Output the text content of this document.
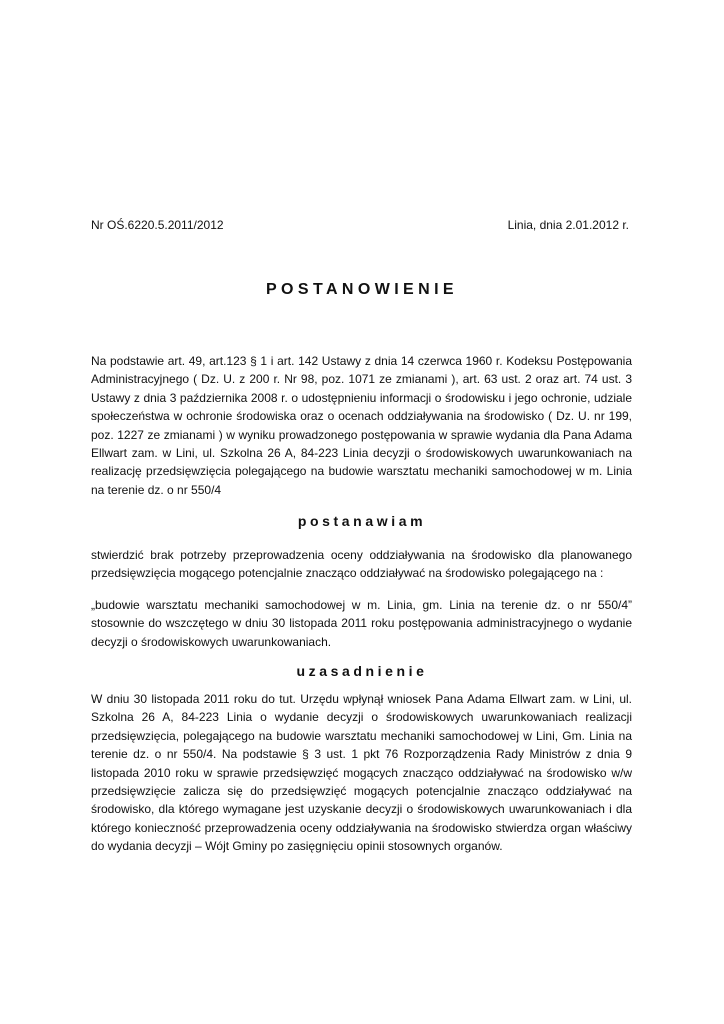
Nr OŚ.6220.5.2011/2012	Linia, dnia 2.01.2012 r.
POSTANOWIENIE
Na podstawie art. 49, art.123 § 1 i art. 142 Ustawy z dnia 14 czerwca 1960 r. Kodeksu Postępowania Administracyjnego ( Dz. U. z 200 r. Nr 98, poz. 1071 ze zmianami ), art. 63 ust. 2 oraz art. 74 ust. 3 Ustawy z dnia 3 października 2008 r. o udostępnieniu informacji o środowisku i jego ochronie, udziale społeczeństwa w ochronie środowiska oraz o ocenach oddziaływania na środowisko ( Dz. U. nr 199, poz. 1227 ze zmianami ) w wyniku prowadzonego postępowania w sprawie wydania dla Pana Adama Ellwart zam. w Lini, ul. Szkolna 26 A, 84-223 Linia decyzji o środowiskowych uwarunkowaniach na realizację przedsięwzięcia polegającego na budowie warsztatu mechaniki samochodowej w m. Linia na terenie dz. o nr 550/4
postanawiam
stwierdzić brak potrzeby przeprowadzenia oceny oddziaływania na środowisko dla planowanego przedsięwzięcia mogącego potencjalnie znacząco oddziaływać na środowisko polegającego na :
„budowie warsztatu mechaniki samochodowej w m. Linia, gm. Linia na terenie dz. o nr 550/4” stosownie do wszczętego w dniu 30 listopada 2011 roku postępowania administracyjnego o wydanie decyzji o środowiskowych uwarunkowaniach.
uzasadnienie
W dniu 30 listopada 2011 roku do tut. Urzędu wpłynął wniosek Pana Adama Ellwart zam. w Lini, ul. Szkolna 26 A, 84-223 Linia o wydanie decyzji o środowiskowych uwarunkowaniach realizacji przedsięwzięcia, polegającego na budowie warsztatu mechaniki samochodowej w Lini, Gm. Linia na terenie dz. o nr 550/4. Na podstawie § 3 ust. 1 pkt 76 Rozporządzenia Rady Ministrów z dnia 9 listopada 2010 roku w sprawie przedsięwzięć mogących znacząco oddziaływać na środowisko w/w przedsięwzięcie zalicza się do przedsięwzięć mogących potencjalnie znacząco oddziaływać na środowisko, dla którego wymagane jest uzyskanie decyzji o środowiskowych uwarunkowaniach i dla którego konieczność przeprowadzenia oceny oddziaływania na środowisko stwierdza organ właściwy do wydania decyzji – Wójt Gminy po zasięgnięciu opinii stosownych organów.
